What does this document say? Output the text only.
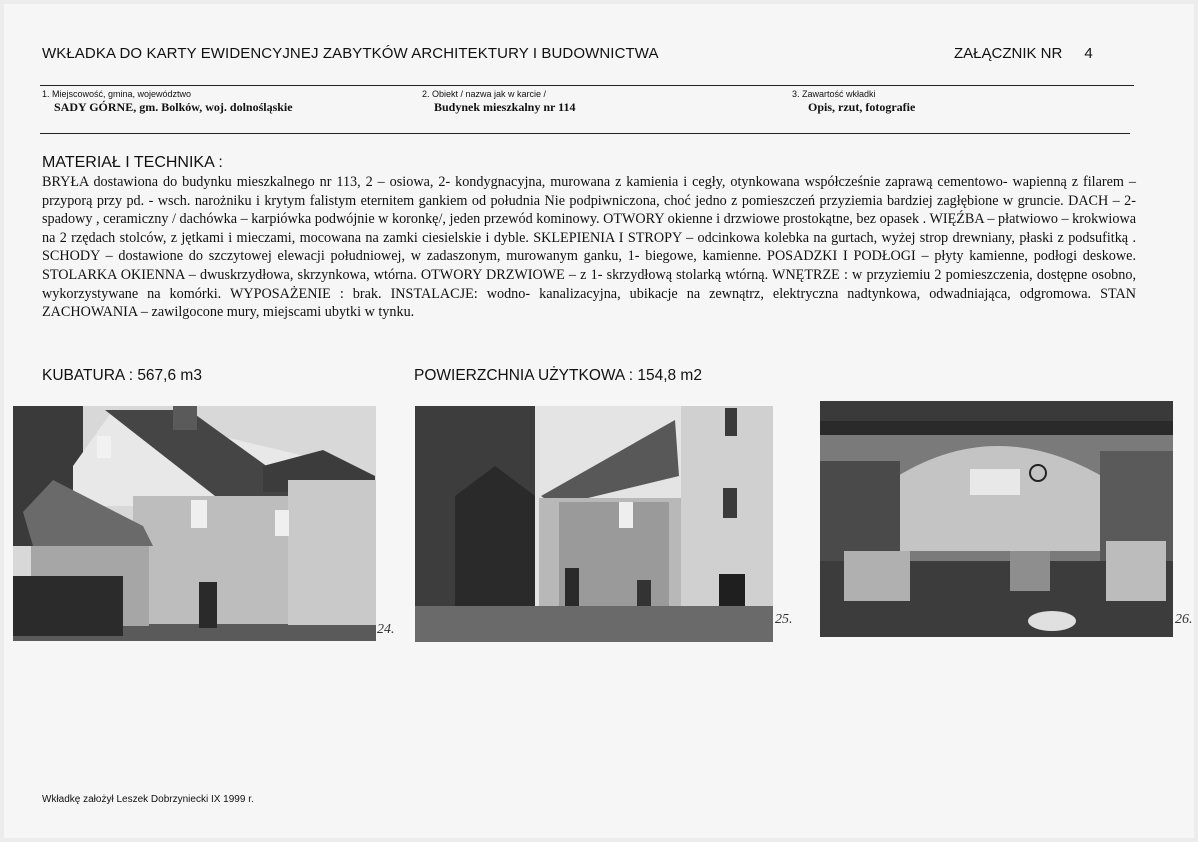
WKŁADKA DO KARTY EWIDENCYJNEJ ZABYTKÓW ARCHITEKTURY I BUDOWNICTWA	ZAŁĄCZNIK NR 4
1. Miejscowość, gmina, województwo
SADY GÓRNE, gm. Bolków, woj. dolnośląskie
2. Obiekt / nazwa jak w karcie /
Budynek mieszkalny nr 114
3. Zawartość wkładki
Opis, rzut, fotografie
MATERIAŁ I TECHNIKA :
BRYŁA dostawiona do budynku mieszkalnego nr 113, 2 – osiowa, 2- kondygnacyjna, murowana z kamienia i cegły, otynkowana współcześnie zaprawą cementowo- wapienną z filarem – przyporą przy pd. - wsch. narożniku i krytym falistym eternitem gankiem od południa Nie podpiwniczona, choć jedno z pomieszczeń przyziemia bardziej zagłębione w gruncie. DACH – 2- spadowy , ceramiczny / dachówka – karpiówka podwójnie w koronkę/, jeden przewód kominowy. OTWORY okienne i drzwiowe prostokątne, bez opasek . WIĘŹBA – płatwiowo – krokwiowa na 2 rzędach stolców, z jętkami i mieczami, mocowana na zamki ciesielskie i dyble. SKLEPIENIA I STROPY – odcinkowa kolebka na gurtach, wyżej strop drewniany, płaski z podsufitką . SCHODY – dostawione do szczytowej elewacji południowej, w zadaszonym, murowanym ganku, 1- biegowe, kamienne. POSADZKI I PODŁOGI – płyty kamienne, podłogi deskowe. STOLARKA OKIENNA – dwuskrzydłowa, skrzynkowa, wtórna. OTWORY DRZWIOWE – z 1- skrzydłową stolarką wtórną. WNĘTRZE : w przyziemiu 2 pomieszczenia, dostępne osobno, wykorzystywane na komórki. WYPOSAŻENIE : brak. INSTALACJE: wodno- kanalizacyjna, ubikacje na zewnątrz, elektryczna nadtynkowa, odwadniająca, odgromowa. STAN ZACHOWANIA – zawilgocone mury, miejscami ubytki w tynku.
KUBATURA : 567,6 m3	POWIERZCHNIA UŻYTKOWA : 154,8 m2
24.
25.	26.
Wkładkę założył Leszek Dobrzyniecki IX 1999 r.
